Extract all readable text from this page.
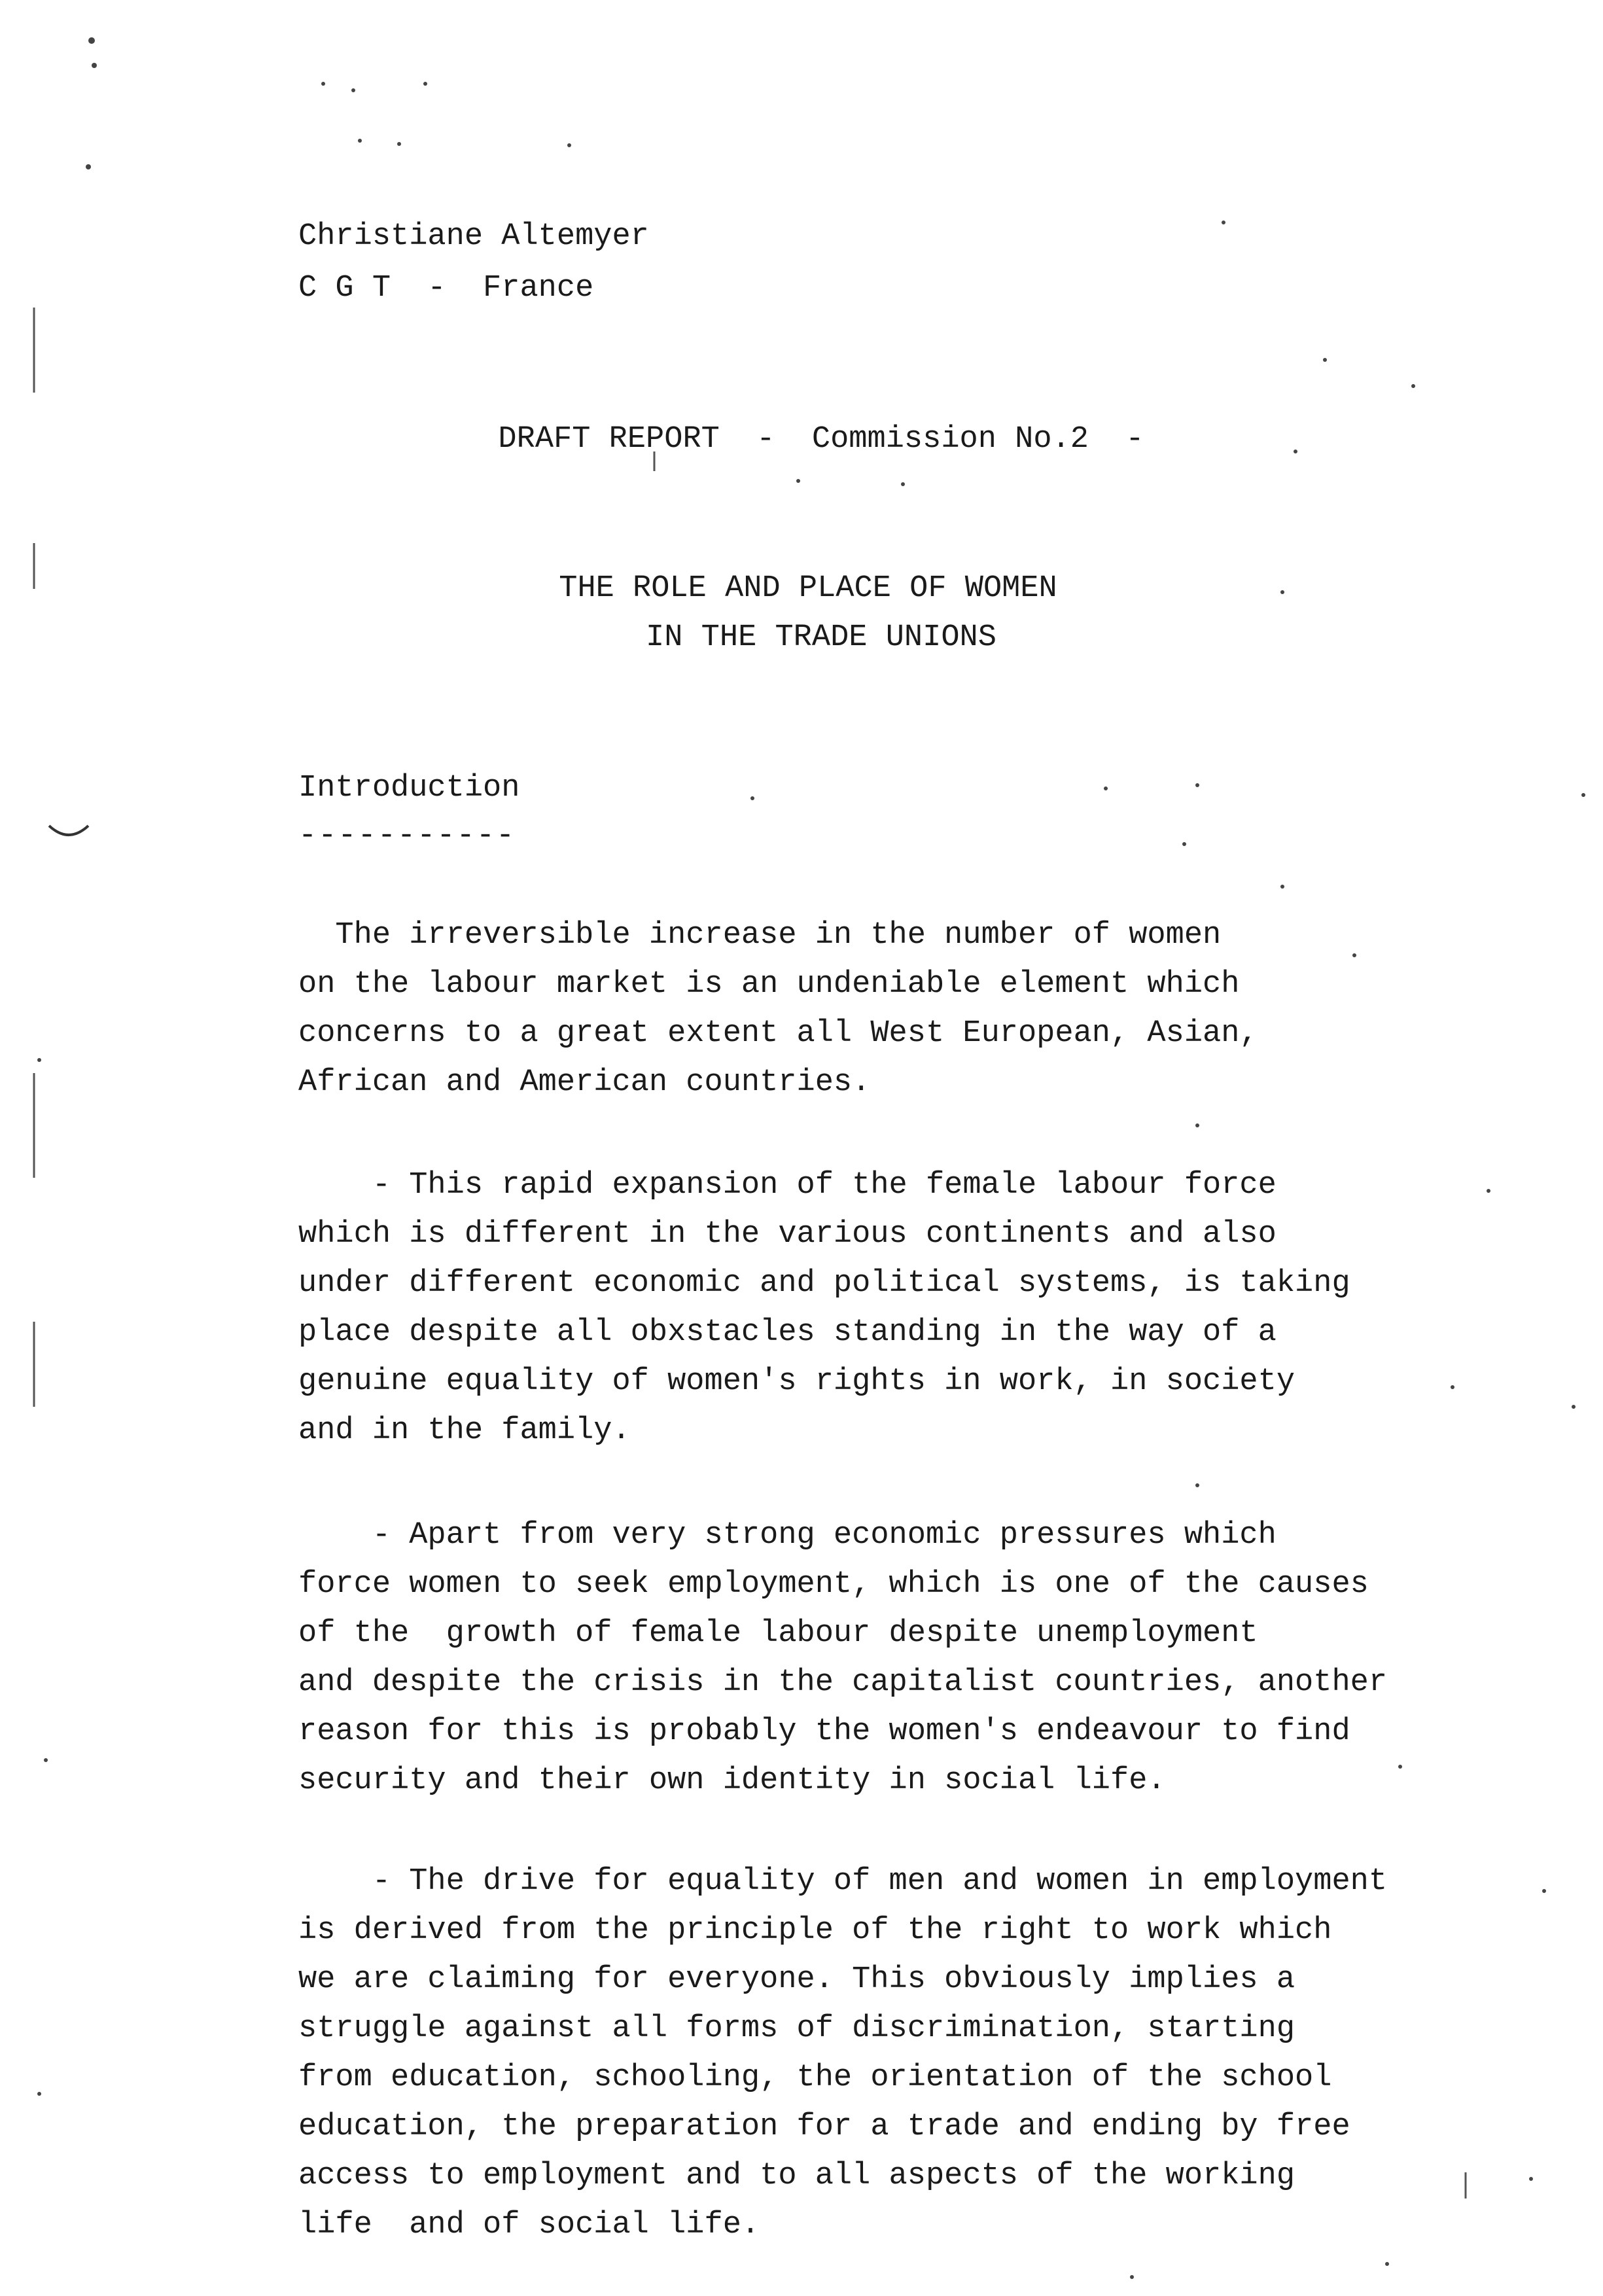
Christiane Altemyer
C G T  -  France
DRAFT REPORT  -  Commission No.2  -
THE ROLE AND PLACE OF WOMEN
IN THE TRADE UNIONS
Introduction
-----------
The irreversible increase in the number of women
on the labour market is an undeniable element which
concerns to a great extent all West European, Asian,
African and American countries.
- This rapid expansion of the female labour force
which is different in the various continents and also
under different economic and political systems, is taking
place despite all obxstacles standing in the way of a
genuine equality of women's rights in work, in society
and in the family.
- Apart from very strong economic pressures which
force women to seek employment, which is one of the causes
of the  growth of female labour despite unemployment
and despite the crisis in the capitalist countries, another
reason for this is probably the women's endeavour to find
security and their own identity in social life.
- The drive for equality of men and women in employment
is derived from the principle of the right to work which
we are claiming for everyone. This obviously implies a
struggle against all forms of discrimination, starting
from education, schooling, the orientation of the school
education, the preparation for a trade and ending by free
access to employment and to all aspects of the working
life  and of social life.
